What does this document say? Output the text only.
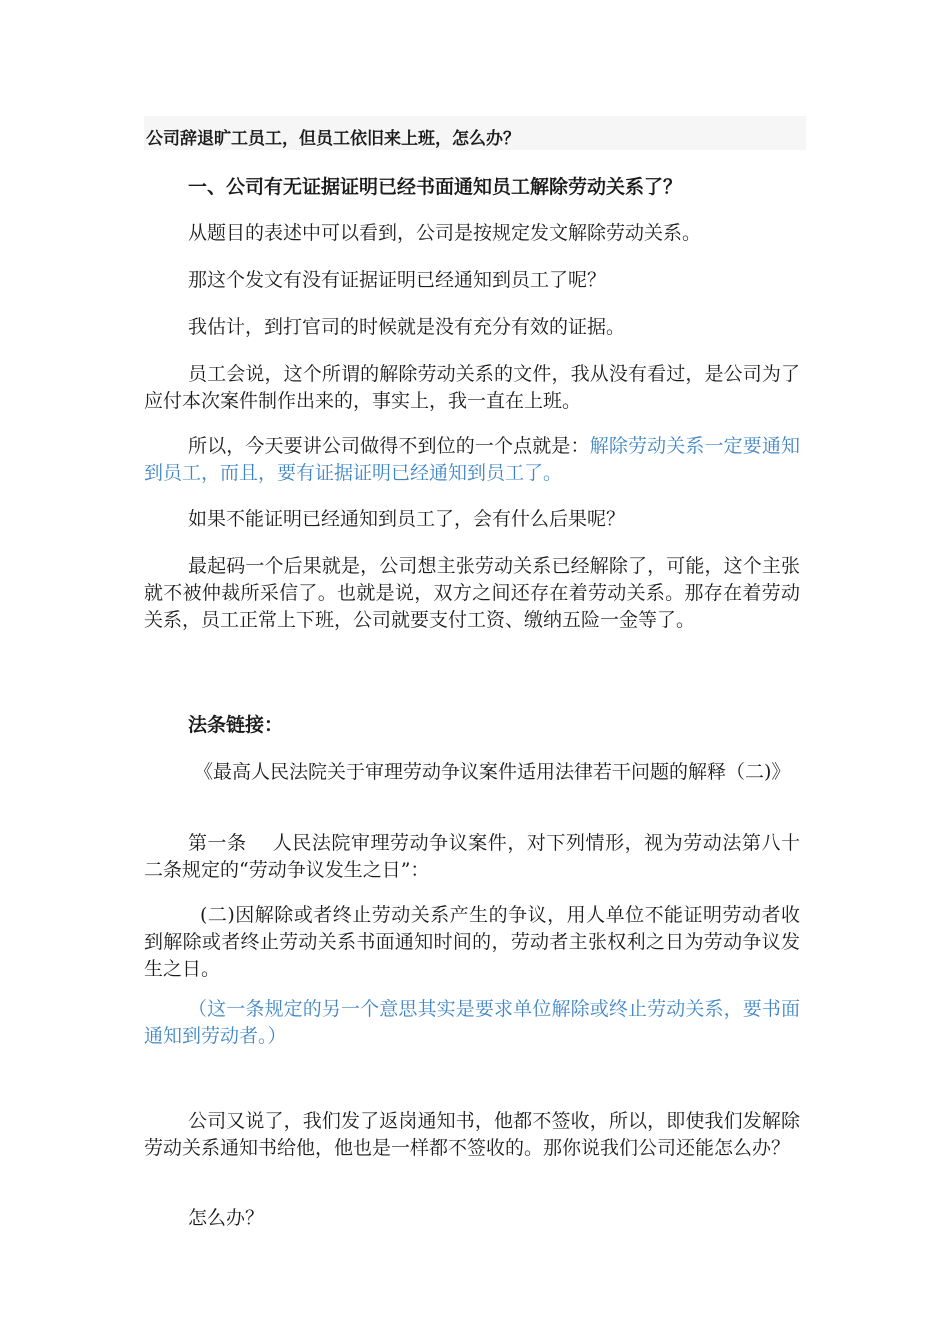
公司辞退旷工员工，但员工依旧来上班，怎么办？

一、公司有无证据证明已经书面通知员工解除劳动关系了？

从题目的表述中可以看到，公司是按规定发文解除劳动关系。

那这个发文有没有证据证明已经通知到员工了呢？

我估计，到打官司的时候就是没有充分有效的证据。

员工会说，这个所谓的解除劳动关系的文件，我从没有看过，是公司为了应付本次案件制作出来的，事实上，我一直在上班。

所以，今天要讲公司做得不到位的一个点就是：解除劳动关系一定要通知到员工，而且，要有证据证明已经通知到员工了。

如果不能证明已经通知到员工了，会有什么后果呢？

最起码一个后果就是，公司想主张劳动关系已经解除了，可能，这个主张就不被仲裁所采信了。也就是说，双方之间还存在着劳动关系。那存在着劳动关系，员工正常上下班，公司就要支付工资、缴纳五险一金等了。

法条链接：

《最高人民法院关于审理劳动争议案件适用法律若干问题的解释（二)》

第一条　 人民法院审理劳动争议案件，对下列情形，视为劳动法第八十二条规定的“劳动争议发生之日”：

(二)因解除或者终止劳动关系产生的争议，用人单位不能证明劳动者收到解除或者终止劳动关系书面通知时间的，劳动者主张权利之日为劳动争议发生之日。

（这一条规定的另一个意思其实是要求单位解除或终止劳动关系，要书面通知到劳动者。）

公司又说了，我们发了返岗通知书，他都不签收，所以，即使我们发解除劳动关系通知书给他，他也是一样都不签收的。那你说我们公司还能怎么办？

怎么办？
